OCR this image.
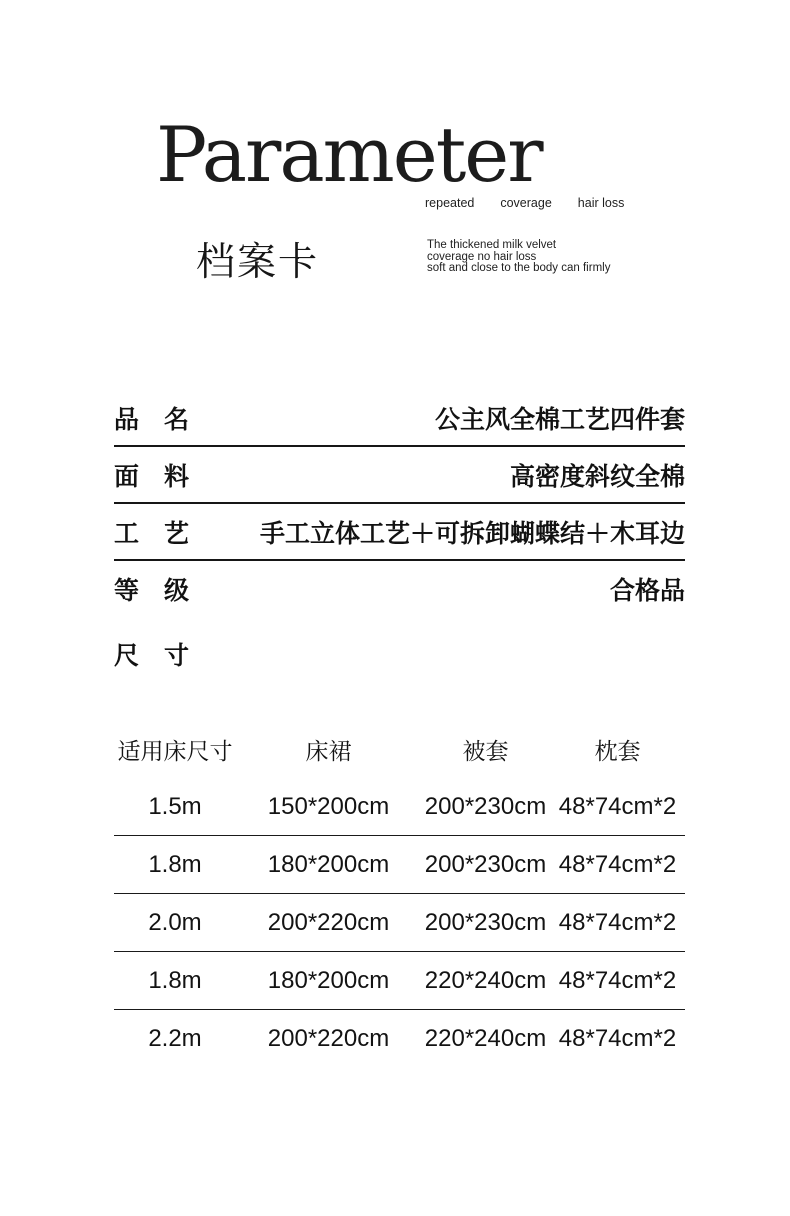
Parameter
repeated coverage hair loss
档案卡	The thickened milk velvet
coverage no hair loss
soft and close to the body can firmly
品　名	公主风全棉工艺四件套
面　料	高密度斜纹全棉
工　艺	手工立体工艺＋可拆卸蝴蝶结＋木耳边
等　级	合格品
尺　寸
适用床尺寸	床裙	被套	枕套
1.5m	150*200cm	200*230cm 48*74cm*2
1.8m	180*200cm	200*230cm 48*74cm*2
2.0m	200*220cm	200*230cm 48*74cm*2
1.8m	180*200cm	220*240cm 48*74cm*2
2.2m	200*220cm	220*240cm 48*74cm*2
